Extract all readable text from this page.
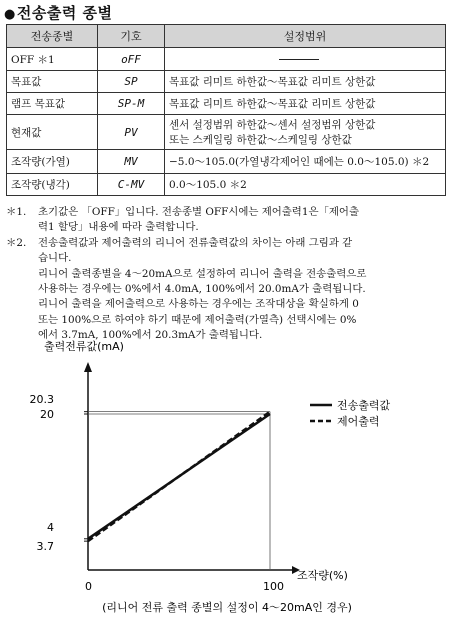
●전송출력 종별
전송종별	기호	설정범위
OFF ＊1	oFF	
목표값	SP	목표값 리미트 하한값～목표값 리미트 상한값
램프 목표값	SP-M	목표값 리미트 하한값～목표값 리미트 상한값
현재값	PV	센서 설정범위 하한값～센서 설정범위 상한값
또는 스케일링 하한값～스케일링 상한값

조작량(가열)	MV	−5.0～105.0(가열냉각제어인 때에는 0.0～105.0) ＊2
조작량(냉각)	C-MV	0.0～105.0 ＊2
＊1.	초기값은 「OFF」입니다. 전송종별 OFF시에는 제어출력1은「제어출
력1 할당」내용에 따라 출력합니다.
＊2.	전송출력값과 제어출력의 리니어 전류출력값의 차이는 아래 그림과 같
습니다.
리니어 출력종별을 4～20mA으로 설정하여 리니어 출력을 전송출력으로
사용하는 경우에는 0%에서 4.0mA, 100%에서 20.0mA가 출력됩니다.
리니어 출력을 제어출력으로 사용하는 경우에는 조작대상을 확실하게 0
또는 100%으로 하여야 하기 때문에 제어출력(가열측) 선택시에는 0%
에서 3.7mA, 100%에서 20.3mA가 출력됩니다.
출력전류값(mA)
조작량(%)
0	100
20.3
20
4
3.7
전송출력값
제어출력
(리니어 전류 출력 종별의 설정이 4～20mA인 경우)
